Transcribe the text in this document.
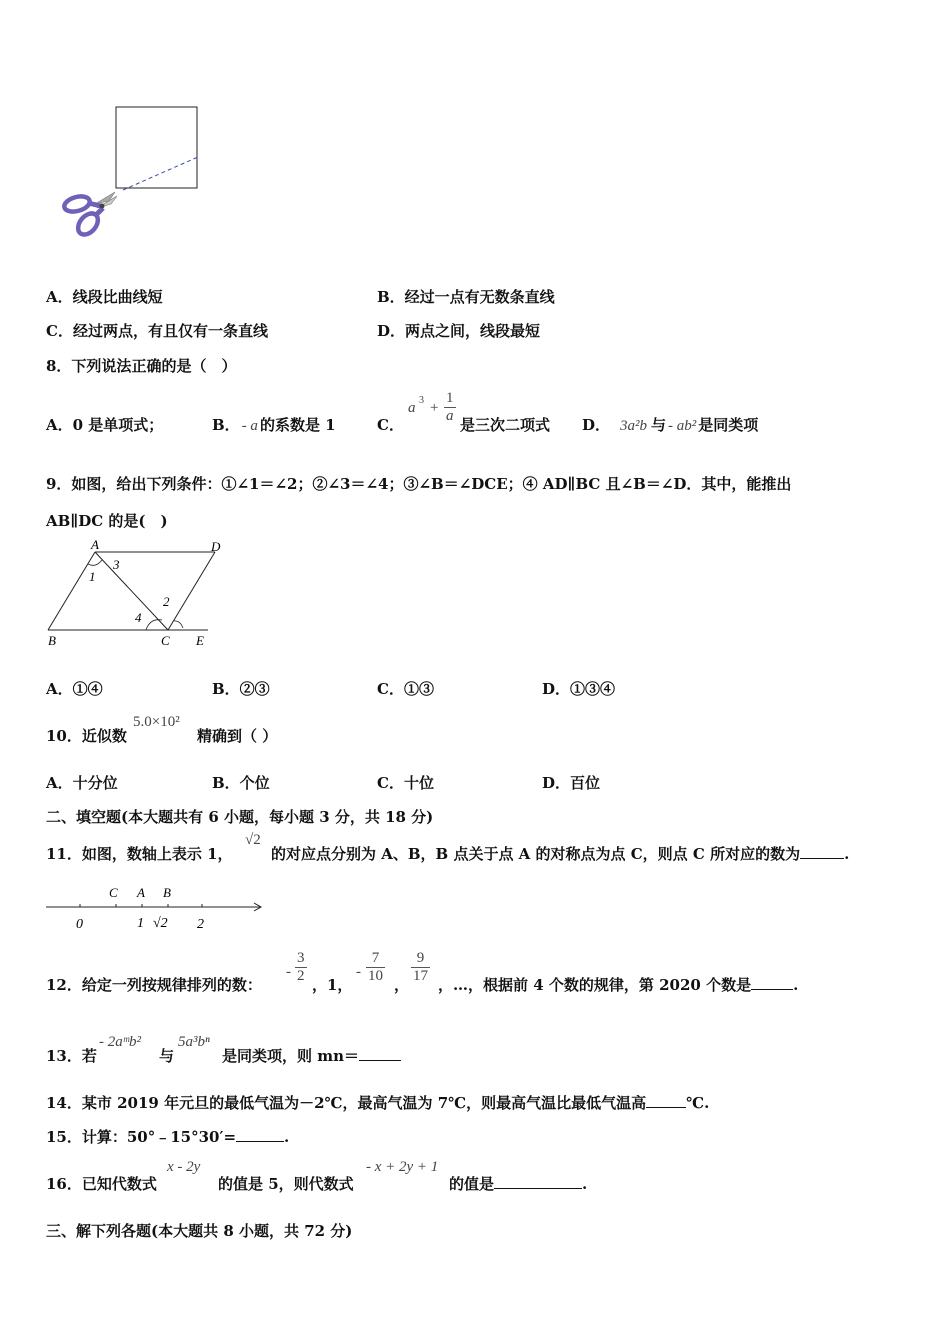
A．线段比曲线短	B．经过一点有无数条直线
C．经过两点，有且仅有一条直线	D．两点之间，线段最短
8．下列说法正确的是（　）
A．0 是单项式；	B． - a 的系数是 1	C．
a $3 + \frac{1}{a}$
是三次二项式 D． 3a²b 与 - ab² 是同类项
9．如图，给出下列条件：①∠1＝∠2；②∠3＝∠4；③∠B＝∠DCE；④ AD∥BC 且∠B＝∠D．其中，能推出
AB∥DC 的是(　)
A	D
B	C E
1
3
2
4
A．①④	B．②③	C．①③	D．①③④
10．近似数
5.0×10²
精确到（ ）
A．十分位	B．个位	C．十位	D．百位
二、填空题(本大题共有 6 小题，每小题 3 分，共 18 分)
11．如图，数轴上表示 1，
√2
的对应点分别为 A、B，B 点关于点 A 的对称点为点 C，则点 C 所对应的数为	.
C A B
0	1 √2 2
12．给定一列按规律排列的数：
- $\frac{3}{2}$
，1，
- $\frac{7}{10}$
，
$\frac{9}{17}$
，…，根据前 4 个数的规律，第 2020 个数是	.
13．若
- 2aᵐb²
与
5a³bⁿ
是同类项，则 mn＝
14．某市 2019 年元旦的最低气温为－2℃，最高气温为 7℃，则最高气温比最低气温高	℃.
15．计算：50°﹣15°30′=	.
16．已知代数式
x - 2y
的值是 5，则代数式
- x + 2y + 1
的值是	.
三、解下列各题(本大题共 8 小题，共 72 分)
